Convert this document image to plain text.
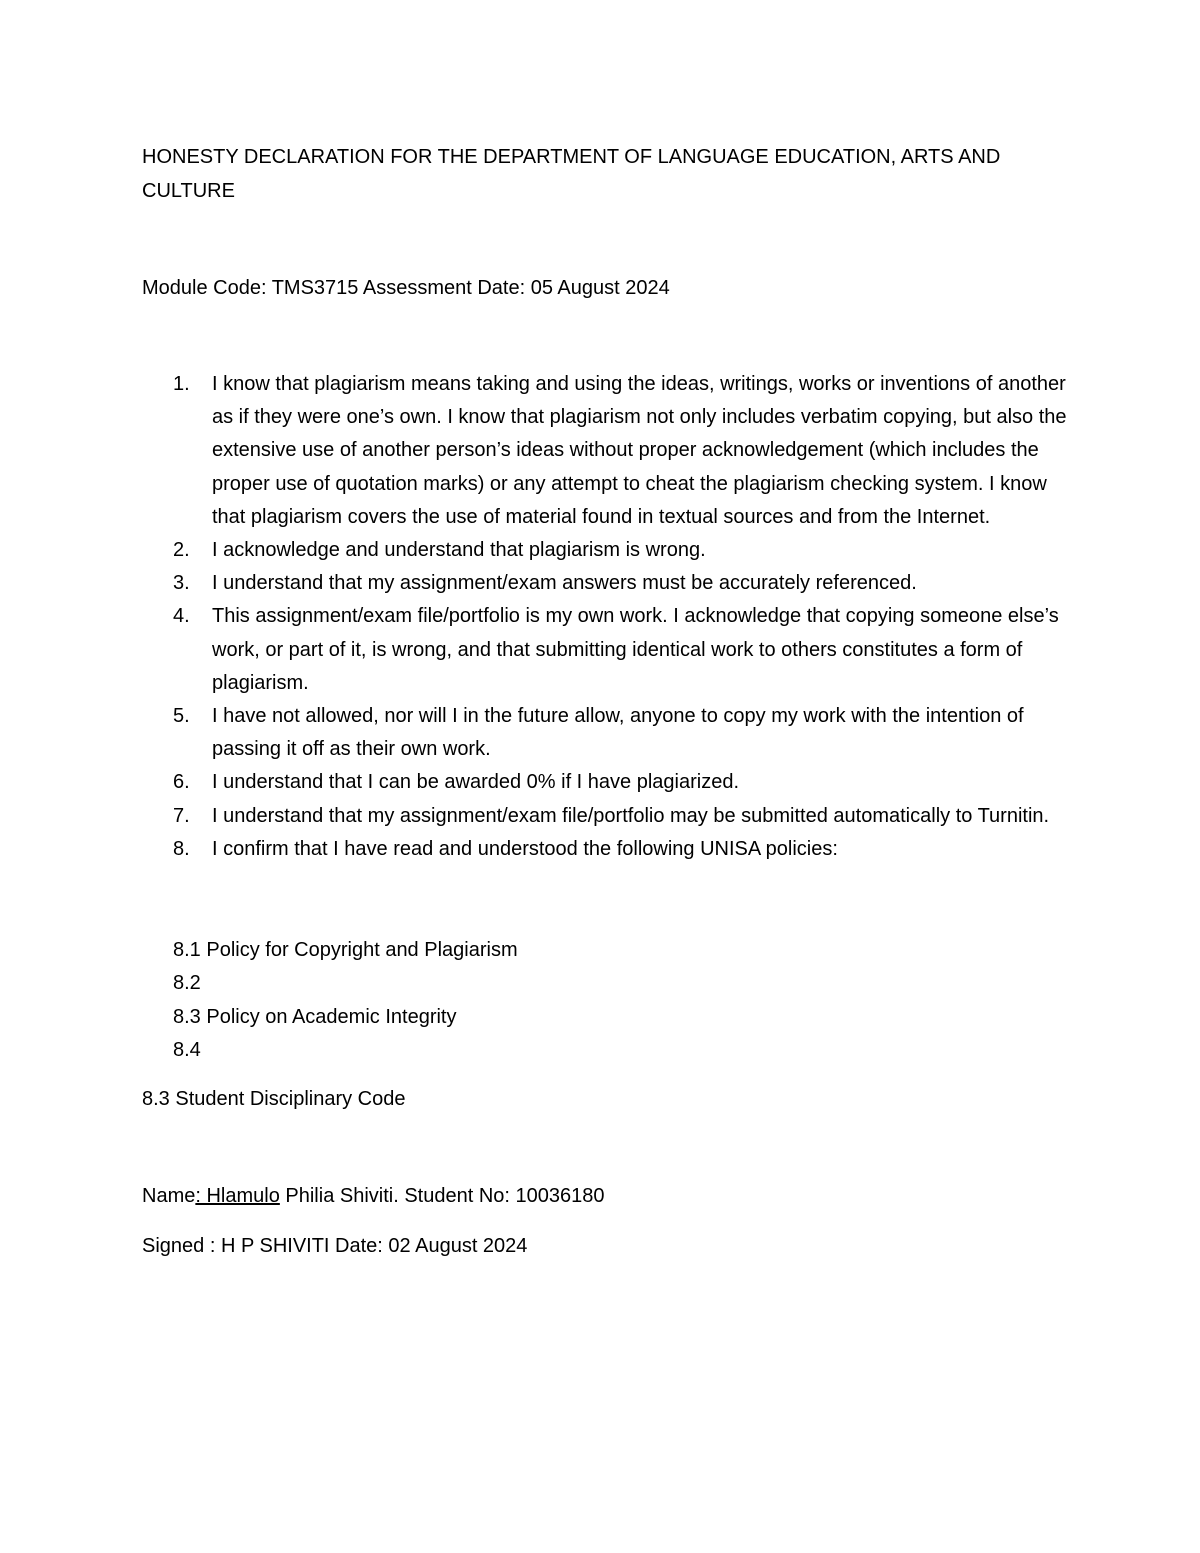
HONESTY DECLARATION FOR THE DEPARTMENT OF LANGUAGE EDUCATION, ARTS AND CULTURE
Module Code: TMS3715 Assessment Date: 05 August 2024
1. I know that plagiarism means taking and using the ideas, writings, works or inventions of another as if they were one’s own. I know that plagiarism not only includes verbatim copying, but also the extensive use of another person’s ideas without proper acknowledgement (which includes the proper use of quotation marks) or any attempt to cheat the plagiarism checking system. I know that plagiarism covers the use of material found in textual sources and from the Internet.
2. I acknowledge and understand that plagiarism is wrong.
3. I understand that my assignment/exam answers must be accurately referenced.
4. This assignment/exam file/portfolio is my own work. I acknowledge that copying someone else’s work, or part of it, is wrong, and that submitting identical work to others constitutes a form of plagiarism.
5. I have not allowed, nor will I in the future allow, anyone to copy my work with the intention of passing it off as their own work.
6. I understand that I can be awarded 0% if I have plagiarized.
7. I understand that my assignment/exam file/portfolio may be submitted automatically to Turnitin.
8. I confirm that I have read and understood the following UNISA policies:
8.1 Policy for Copyright and Plagiarism
8.2
8.3 Policy on Academic Integrity
8.4
8.3 Student Disciplinary Code
Name: Hlamulo Philia Shiviti. Student No: 10036180
Signed : H P SHIVITI Date: 02 August 2024
